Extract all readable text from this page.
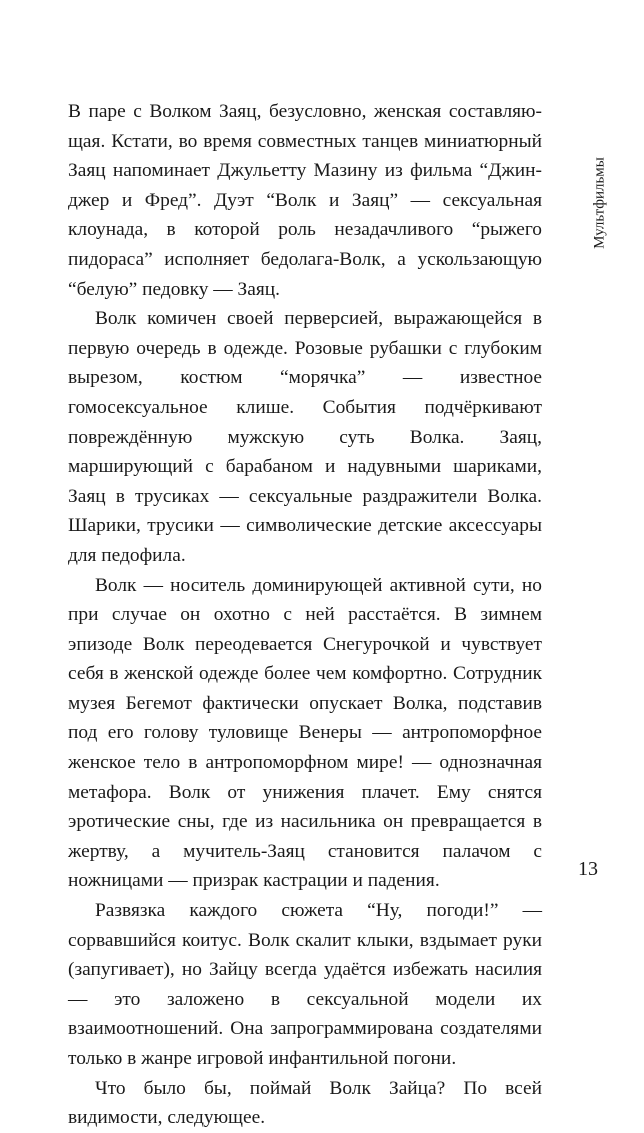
Мультфильмы

В паре с Волком Заяц, безусловно, женская составляющая. Кстати, во время совместных танцев миниатюрный Заяц напоминает Джульетту Мазину из фильма “Джинджер и Фред”. Дуэт “Волк и Заяц” — сексуальная клоунада, в которой роль незадачливого “рыжего пидораса” исполняет бедолага-Волк, а ускользающую “белую” педовку — Заяц.

Волк комичен своей перверсией, выражающейся в первую очередь в одежде. Розовые рубашки с глубоким вырезом, костюм “морячка” — известное гомосексуальное клише. События подчёркивают повреждённую мужскую суть Волка. Заяц, марширующий с барабаном и надувными шариками, Заяц в трусиках — сексуальные раздражители Волка. Шарики, трусики — символические детские аксессуары для педофила.

Волк — носитель доминирующей активной сути, но при случае он охотно с ней расстаётся. В зимнем эпизоде Волк переодевается Снегурочкой и чувствует себя в женской одежде более чем комфортно. Сотрудник музея Бегемот фактически опускает Волка, подставив под его голову туловище Венеры — антропоморфное женское тело в антропоморфном мире! — однозначная метафора. Волк от унижения плачет. Ему снятся эротические сны, где из насильника он превращается в жертву, а мучитель-Заяц становится палачом с ножницами — призрак кастрации и падения.

Развязка каждого сюжета “Ну, погоди!” — сорвавшийся коитус. Волк скалит клыки, вздымает руки (запугивает), но Зайцу всегда удаётся избежать насилия — это заложено в сексуальной модели их взаимоотношений. Она запрограммирована создателями только в жанре игровой инфантильной погони.

Что было бы, поймай Волк Зайца? По всей видимости, следующее.

13
